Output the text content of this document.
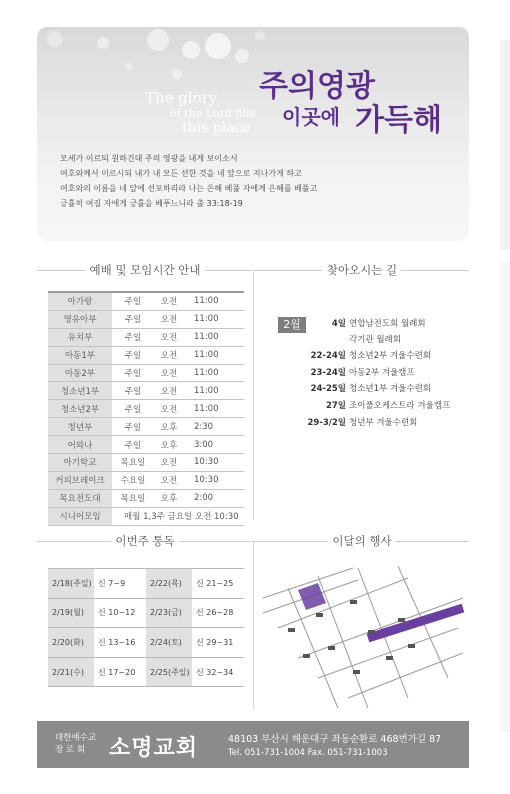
The glory
of the Lord fills
this place
주의영광
이곳에 가득해
모세가 이르되 원하건대 주의 영광을 내게 보이소서
여호와께서 이르시되 내가 내 모든 선한 것을 네 앞으로 지나가게 하고
여호와의 이름을 네 앞에 선포하리라 나는 은혜 베풀 자에게 은혜를 베풀고
긍휼히 여길 자에게 긍휼을 베푸느니라 출 33:18-19
예배 및 모임시간 안내	찾아오시는 길
아가랑	주일	오전	11:00
영유아부	주일	오전	11:00
유치부	주일	오전	11:00
아동1부	주일	오전	11:00
아동2부	주일	오전	11:00
청소년1부	주일	오전	11:00
청소년2부	주일	오전	11:00
청년부	주일	오후	2:30
어와나	주일	오후	3:00
아기학교	목요일	오전	10:30
커피브레이크	수요일	오전	10:30
목요전도대	목요일	오후	2:00
시니어모임	매월 1,3주 금요일 오전 10:30		
2월	4일 연합남전도회 월례회
각기관 월례회
22-24일 청소년2부 겨울수련회
23-24일 아동2부 겨울캠프
24-25일 청소년1부 겨울수련회
27일 조이풀오케스트라 겨울캠프
29-3/2일 청년부 겨울수련회
이번주 통독	이달의 행사
2/18(주일)	신 7~9	2/22(목)	신 21~25
2/19(월)	신 10~12	2/23(금)	신 26~28
2/20(화)	신 13~16	2/24(토)	신 29~31
2/21(수)	신 17~20	2/25(주일)	신 32~34
대한예수교
장 로 회	소명교회	48103 부산시 해운대구 좌동순환로 468번가길 87
Tel. 051-731-1004 Fax. 051-731-1003
